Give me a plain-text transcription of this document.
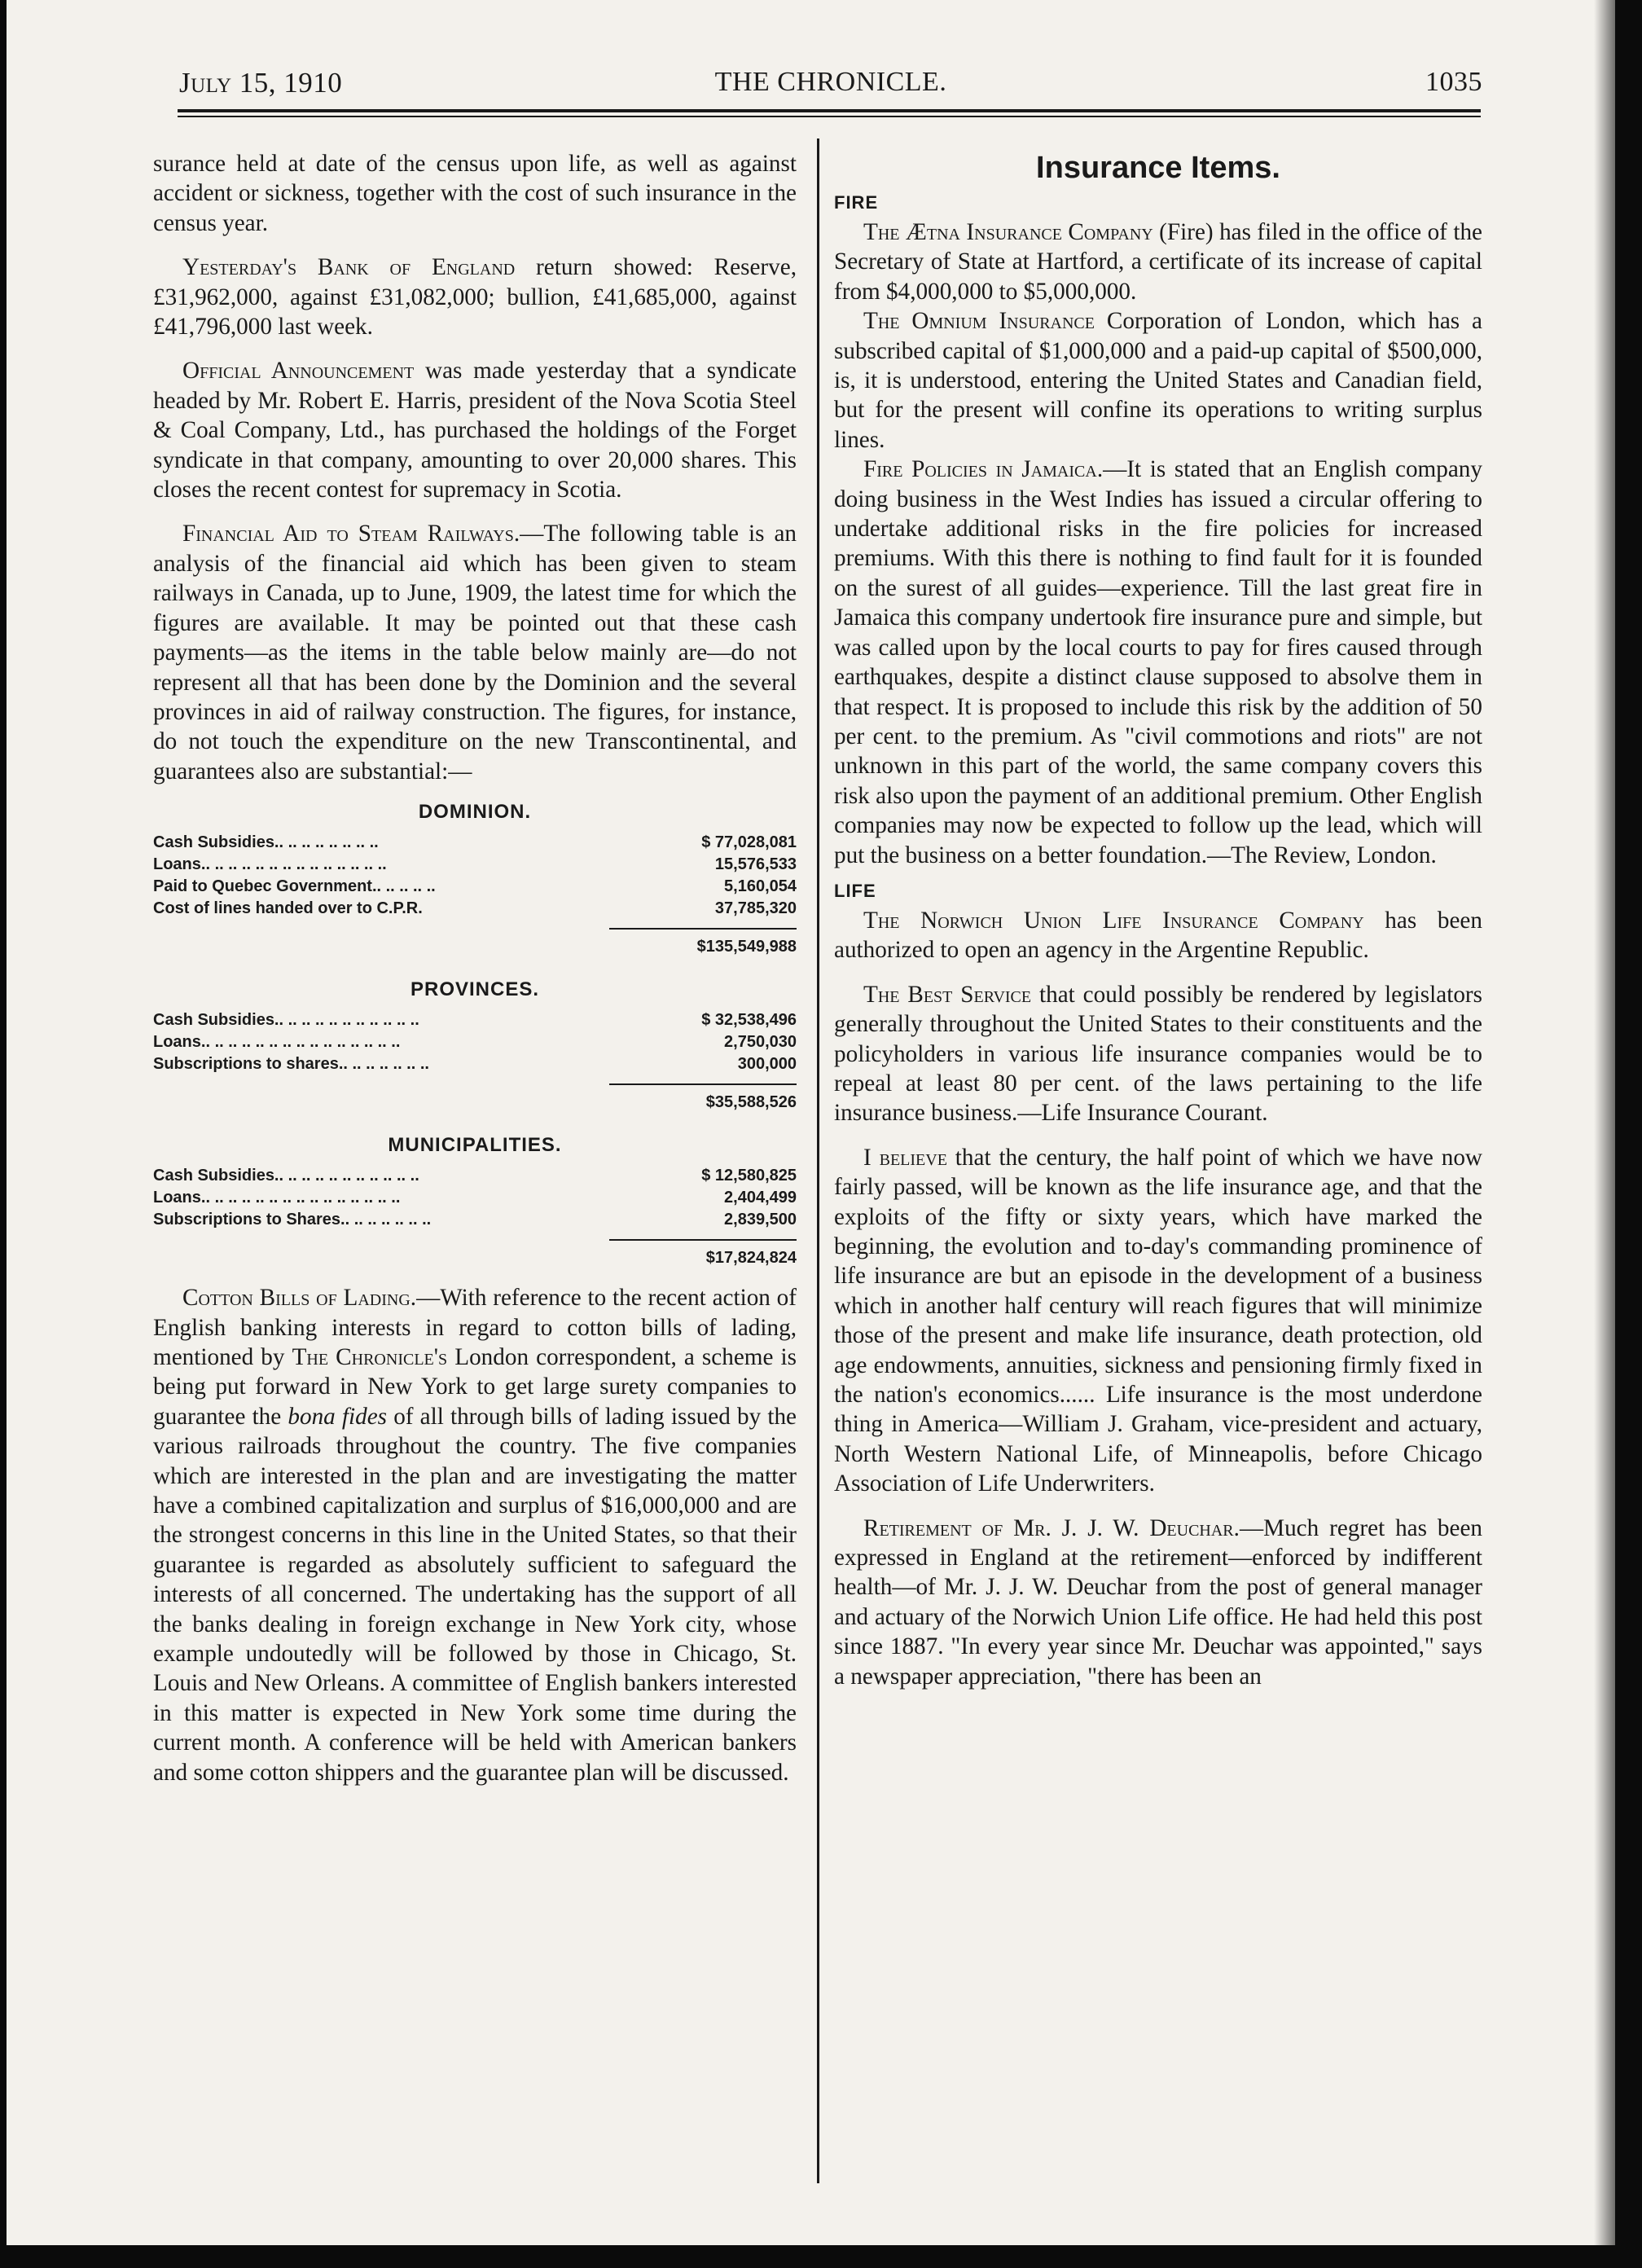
July 15, 1910	THE CHRONICLE.	1035

surance held at date of the census upon life, as well as against accident or sickness, together with the cost of such insurance in the census year.

Yesterday's Bank of England return showed: Reserve, £31,962,000, against £31,082,000; bullion, £41,685,000, against £41,796,000 last week.

Official Announcement was made yesterday that a syndicate headed by Mr. Robert E. Harris, president of the Nova Scotia Steel & Coal Company, Ltd., has purchased the holdings of the Forget syndicate in that company, amounting to over 20,000 shares. This closes the recent contest for supremacy in Scotia.

Financial Aid to Steam Railways.—The following table is an analysis of the financial aid which has been given to steam railways in Canada, up to June, 1909, the latest time for which the figures are available. It may be pointed out that these cash payments—as the items in the table below mainly are—do not represent all that has been done by the Dominion and the several provinces in aid of railway construction. The figures, for instance, do not touch the expenditure on the new Transcontinental, and guarantees also are substantial:—

DOMINION.
Cash Subsidies.. .. .. .. .. .. .. ..	$ 77,028,081
Loans.. .. .. .. .. .. .. .. .. .. .. .. .. ..	15,576,533
Paid to Quebec Government.. .. .. .. ..	5,160,054
Cost of lines handed over to C.P.R.	37,785,320
$135,549,988
PROVINCES.
Cash Subsidies.. .. .. .. .. .. .. .. .. .. ..	$ 32,538,496
Loans.. .. .. .. .. .. .. .. .. .. .. .. .. .. ..	2,750,030
Subscriptions to shares.. .. .. .. .. .. ..	300,000
$35,588,526
MUNICIPALITIES.
Cash Subsidies.. .. .. .. .. .. .. .. .. .. ..	$ 12,580,825
Loans.. .. .. .. .. .. .. .. .. .. .. .. .. .. ..	2,404,499
Subscriptions to Shares.. .. .. .. .. .. ..	2,839,500
$17,824,824

Cotton Bills of Lading.—With reference to the recent action of English banking interests in regard to cotton bills of lading, mentioned by The Chronicle's London correspondent, a scheme is being put forward in New York to get large surety companies to guarantee the bona fides of all through bills of lading issued by the various railroads throughout the country. The five companies which are interested in the plan and are investigating the matter have a combined capitalization and surplus of $16,000,000 and are the strongest concerns in this line in the United States, so that their guarantee is regarded as absolutely sufficient to safeguard the interests of all concerned. The undertaking has the support of all the banks dealing in foreign exchange in New York city, whose example undoutedly will be followed by those in Chicago, St. Louis and New Orleans. A committee of English bankers interested in this matter is expected in New York some time during the current month. A conference will be held with American bankers and some cotton shippers and the guarantee plan will be discussed.

Insurance Items.
FIRE

The Ætna Insurance Company (Fire) has filed in the office of the Secretary of State at Hartford, a certificate of its increase of capital from $4,000,000 to $5,000,000.

The Omnium Insurance Corporation of London, which has a subscribed capital of $1,000,000 and a paid-up capital of $500,000, is, it is understood, entering the United States and Canadian field, but for the present will confine its operations to writing surplus lines.

Fire Policies in Jamaica.—It is stated that an English company doing business in the West Indies has issued a circular offering to undertake additional risks in the fire policies for increased premiums. With this there is nothing to find fault for it is founded on the surest of all guides—experience. Till the last great fire in Jamaica this company undertook fire insurance pure and simple, but was called upon by the local courts to pay for fires caused through earthquakes, despite a distinct clause supposed to absolve them in that respect. It is proposed to include this risk by the addition of 50 per cent. to the premium. As "civil commotions and riots" are not unknown in this part of the world, the same company covers this risk also upon the payment of an additional premium. Other English companies may now be expected to follow up the lead, which will put the business on a better foundation.—The Review, London.

LIFE

The Norwich Union Life Insurance Company has been authorized to open an agency in the Argentine Republic.

The Best Service that could possibly be rendered by legislators generally throughout the United States to their constituents and the policyholders in various life insurance companies would be to repeal at least 80 per cent. of the laws pertaining to the life insurance business.—Life Insurance Courant.

I believe that the century, the half point of which we have now fairly passed, will be known as the life insurance age, and that the exploits of the fifty or sixty years, which have marked the beginning, the evolution and to-day's commanding prominence of life insurance are but an episode in the development of a business which in another half century will reach figures that will minimize those of the present and make life insurance, death protection, old age endowments, annuities, sickness and pensioning firmly fixed in the nation's economics...... Life insurance is the most underdone thing in America—William J. Graham, vice-president and actuary, North Western National Life, of Minneapolis, before Chicago Association of Life Underwriters.

Retirement of Mr. J. J. W. Deuchar.—Much regret has been expressed in England at the retirement—enforced by indifferent health—of Mr. J. J. W. Deuchar from the post of general manager and actuary of the Norwich Union Life office. He had held this post since 1887. "In every year since Mr. Deuchar was appointed," says a newspaper appreciation, "there has been an
